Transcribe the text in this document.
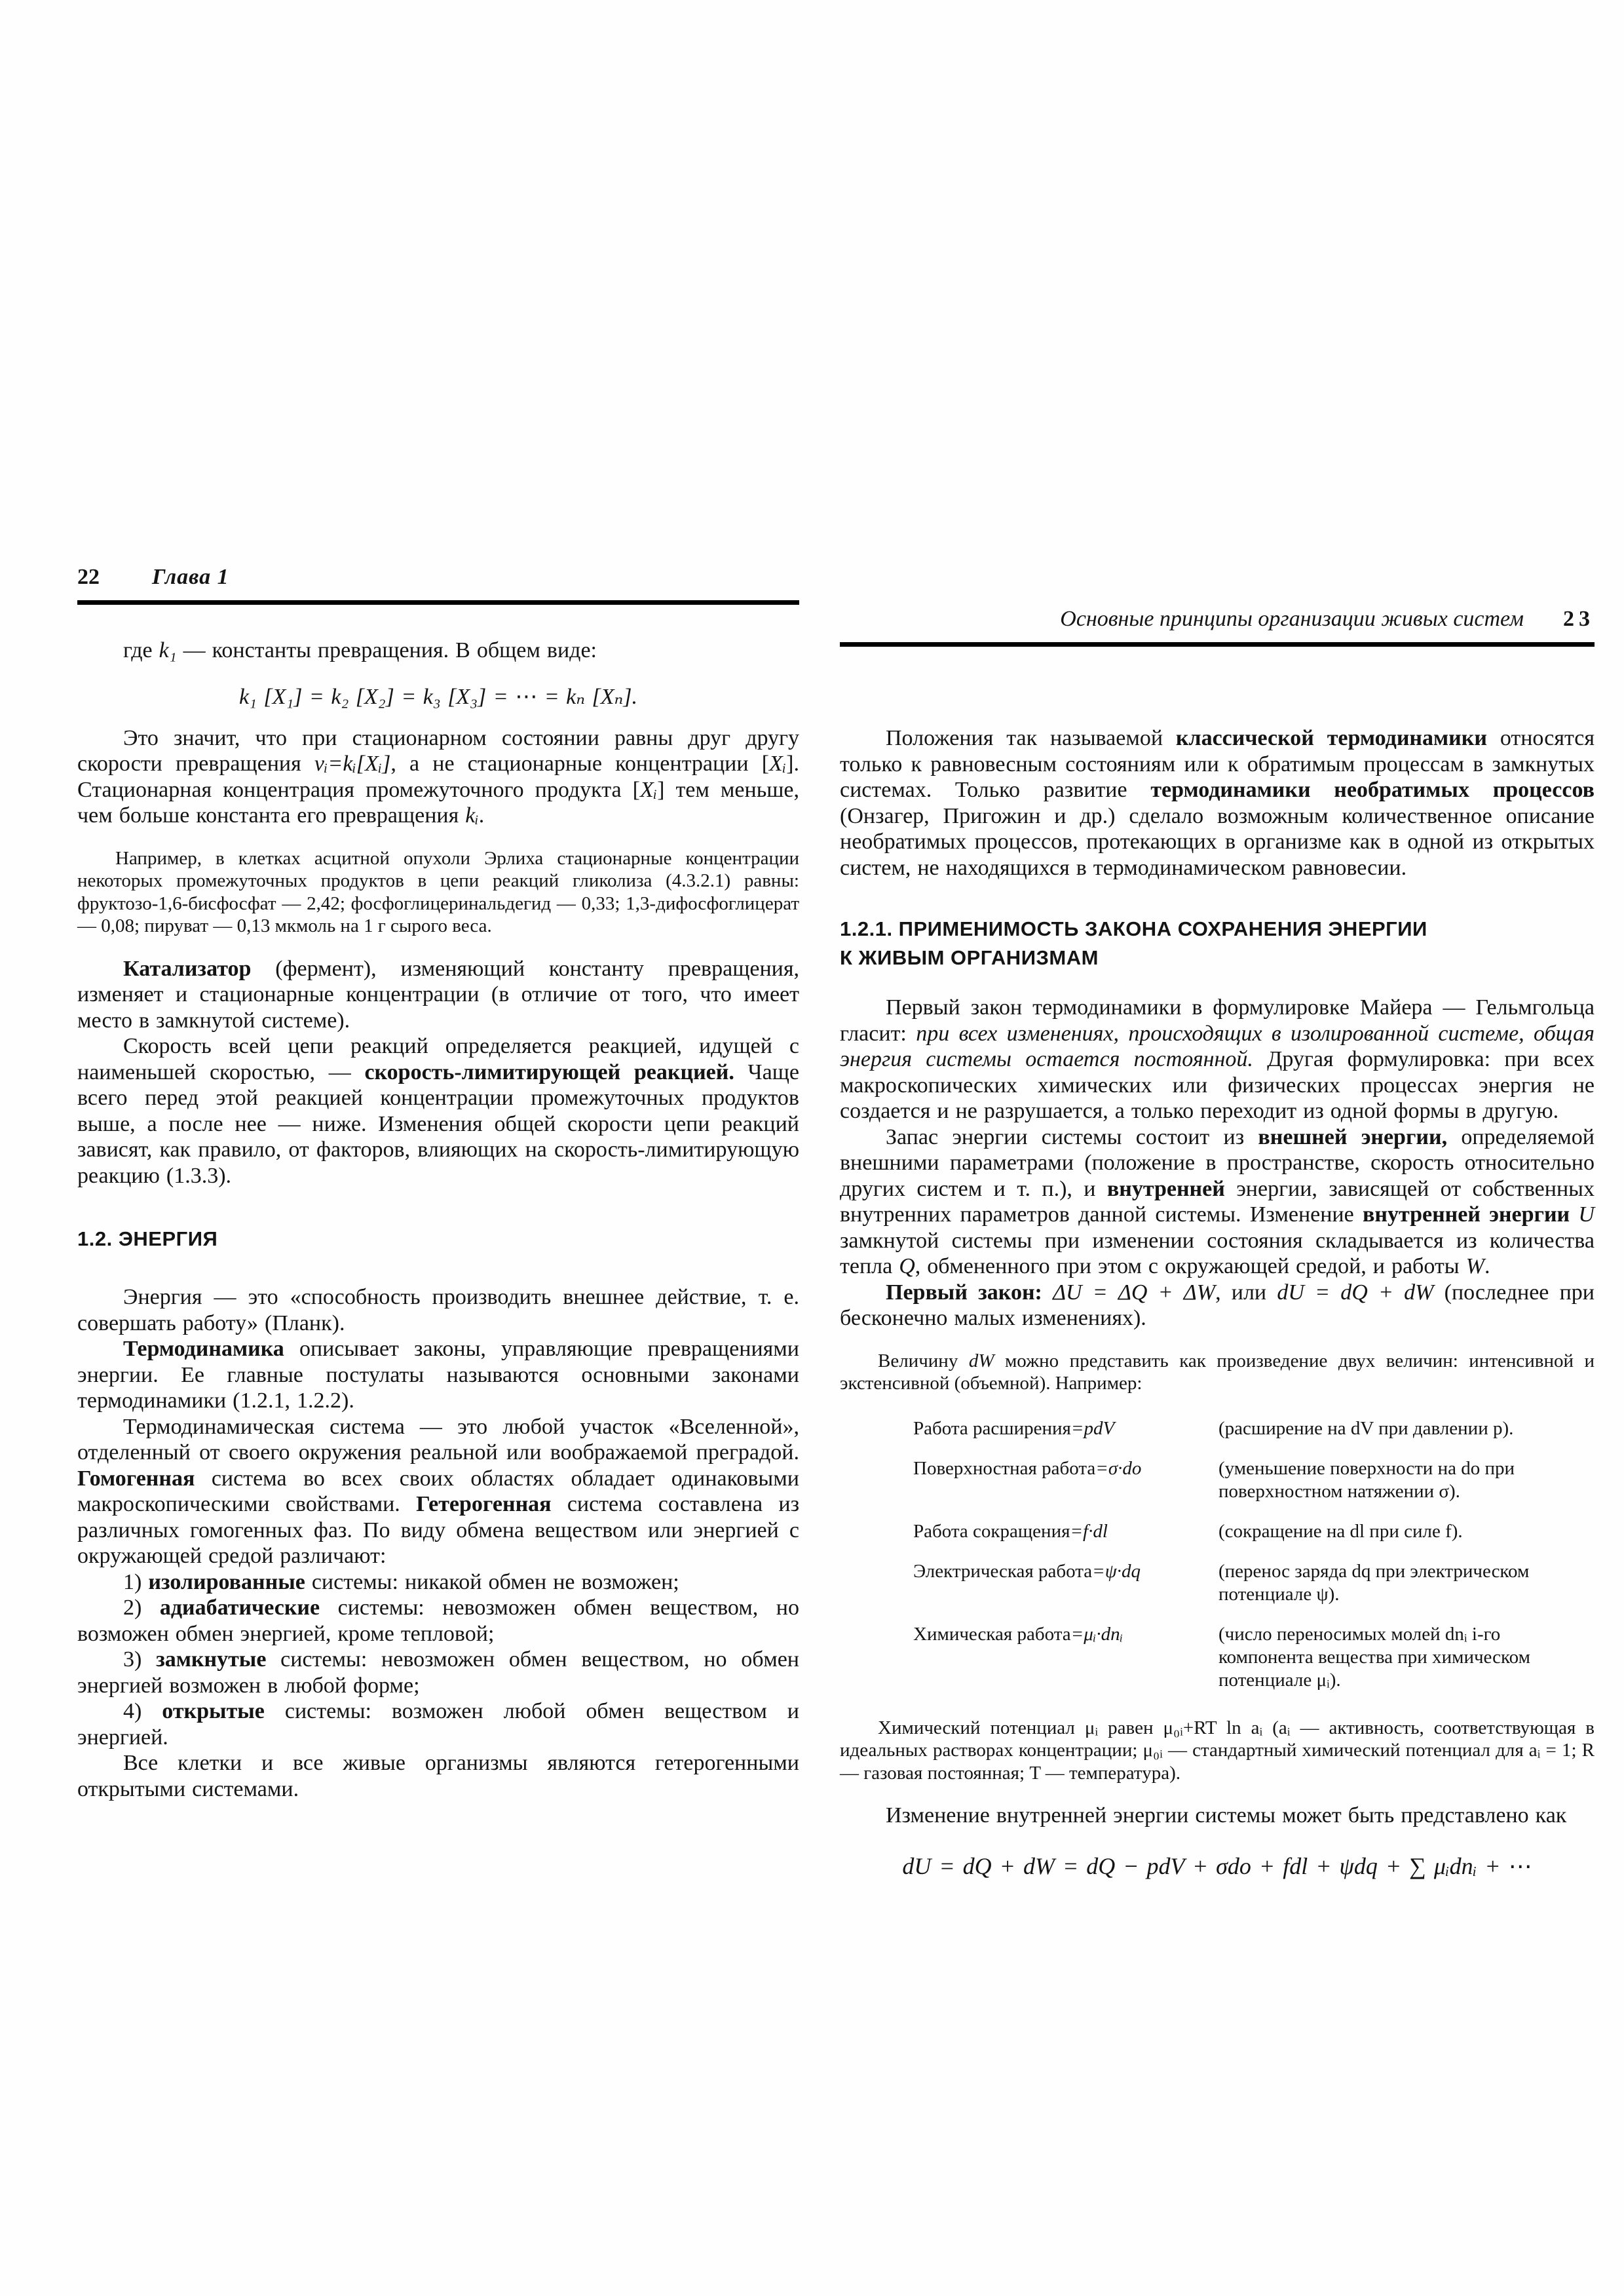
22 Глава 1

где k₁ — константы превращения. В общем виде:

k₁ [X₁] = k₂ [X₂] = k₃ [X₃] = ⋯ = kₙ [Xₙ].

Это значит, что при стационарном состоянии равны друг другу скорости превращения vᵢ=kᵢ[Xᵢ], а не стационарные концентрации [Xᵢ]. Стационарная концентрация промежуточного продукта [Xᵢ] тем меньше, чем больше константа его превращения kᵢ.

Например, в клетках асцитной опухоли Эрлиха стационарные концентрации некоторых промежуточных продуктов в цепи реакций гликолиза (4.3.2.1) равны: фруктозо-1,6-бисфосфат — 2,42; фосфоглицеринальдегид — 0,33; 1,3-дифосфоглицерат — 0,08; пируват — 0,13 мкмоль на 1 г сырого веса.

Катализатор (фермент), изменяющий константу превращения, изменяет и стационарные концентрации (в отличие от того, что имеет место в замкнутой системе).

Скорость всей цепи реакций определяется реакцией, идущей с наименьшей скоростью, — скорость-лимитирующей реакцией. Чаще всего перед этой реакцией концентрации промежуточных продуктов выше, а после нее — ниже. Изменения общей скорости цепи реакций зависят, как правило, от факторов, влияющих на скорость-лимитирующую реакцию (1.3.3).

1.2. ЭНЕРГИЯ

Энергия — это «способность производить внешнее действие, т. е. совершать работу» (Планк).

Термодинамика описывает законы, управляющие превращениями энергии. Ее главные постулаты называются основными законами термодинамики (1.2.1, 1.2.2).

Термодинамическая система — это любой участок «Вселенной», отделенный от своего окружения реальной или воображаемой преградой. Гомогенная система во всех своих областях обладает одинаковыми макроскопическими свойствами. Гетерогенная система составлена из различных гомогенных фаз. По виду обмена веществом или энергией с окружающей средой различают:

1) изолированные системы: никакой обмен не возможен;

2) адиабатические системы: невозможен обмен веществом, но возможен обмен энергией, кроме тепловой;

3) замкнутые системы: невозможен обмен веществом, но обмен энергией возможен в любой форме;

4) открытые системы: возможен любой обмен веществом и энергией.

Все клетки и все живые организмы являются гетерогенными открытыми системами.

Основные принципы организации живых систем 23

Положения так называемой классической термодинамики относятся только к равновесным состояниям или к обратимым процессам в замкнутых системах. Только развитие термодинамики необратимых процессов (Онзагер, Пригожин и др.) сделало возможным количественное описание необратимых процессов, протекающих в организме как в одной из открытых систем, не находящихся в термодинамическом равновесии.

1.2.1. ПРИМЕНИМОСТЬ ЗАКОНА СОХРАНЕНИЯ ЭНЕРГИИ
К ЖИВЫМ ОРГАНИЗМАМ

Первый закон термодинамики в формулировке Майера — Гельмгольца гласит: при всех изменениях, происходящих в изолированной системе, общая энергия системы остается постоянной. Другая формулировка: при всех макроскопических химических или физических процессах энергия не создается и не разрушается, а только переходит из одной формы в другую.

Запас энергии системы состоит из внешней энергии, определяемой внешними параметрами (положение в пространстве, скорость относительно других систем и т. п.), и внутренней энергии, зависящей от собственных внутренних параметров данной системы. Изменение внутренней энергии U замкнутой системы при изменении состояния складывается из количества тепла Q, обмененного при этом с окружающей средой, и работы W.

Первый закон: ΔU = ΔQ + ΔW, или dU = dQ + dW (последнее при бесконечно малых изменениях).

Величину dW можно представить как произведение двух величин: интенсивной и экстенсивной (объемной). Например:

Работа расширения=pdV	(расширение на dV при давлении p).
Поверхностная работа=σ·do	(уменьшение поверхности на do при поверхностном натяжении σ).
Работа сокращения=f·dl	(сокращение на dl при силе f).
Электрическая работа=ψ·dq	(перенос заряда dq при электрическом потенциале ψ).
Химическая работа=μᵢ·dnᵢ	(число переносимых молей dnᵢ i-го компонента вещества при химическом потенциале μᵢ).

Химический потенциал μᵢ равен μ₀ᵢ+RT ln aᵢ (aᵢ — активность, соответствующая в идеальных растворах концентрации; μ₀ᵢ — стандартный химический потенциал для aᵢ = 1; R — газовая постоянная; T — температура).

Изменение внутренней энергии системы может быть представлено как

dU = dQ + dW = dQ − pdV + σdo + fdl + ψdq + ∑ μᵢdnᵢ + ⋯
